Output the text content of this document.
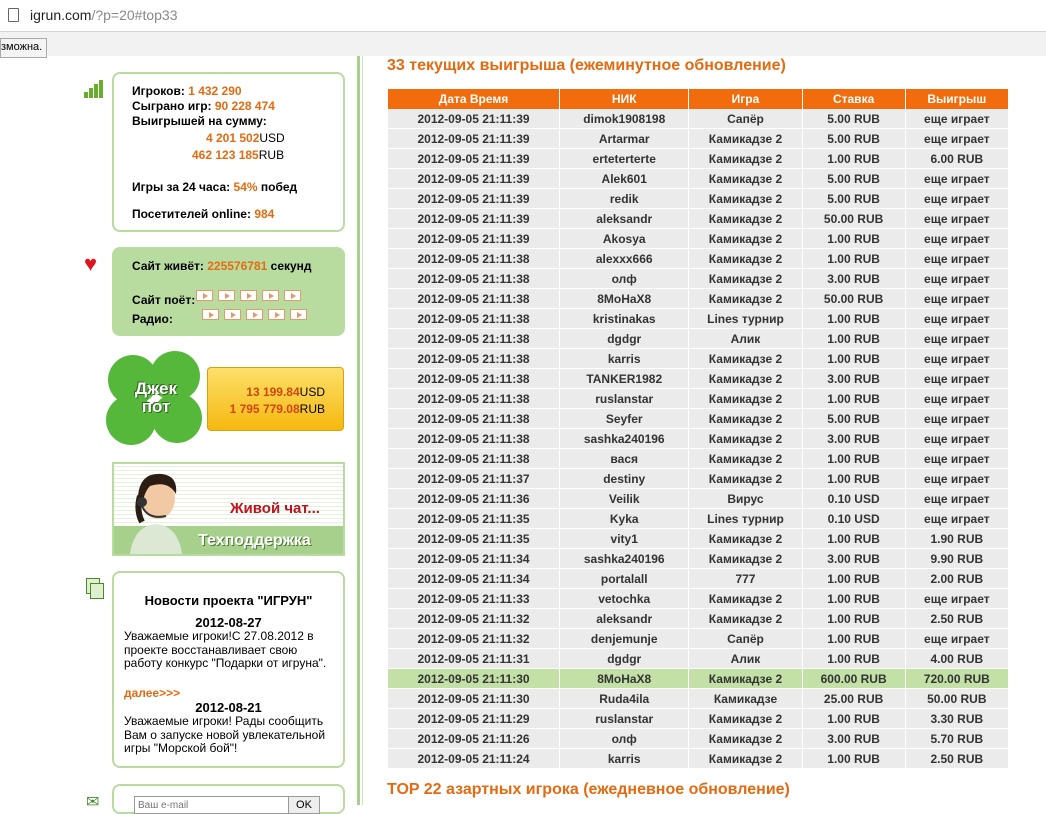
igrun.com/?p=20#top33
зможна.
Игроков: 1 432 290
Сыграно игр: 90 228 474
Выигрышей на сумму:
4 201 502USD
462 123 185RUB
Игры за 24 часа: 54% побед
Посетителей online: 984
♥	Сайт живёт: 225576781 секунд
Сайт поёт:
Радио:
Джек
пот
13 199.84USD
1 795 779.08RUB
Живой чат...
Техподдержка
Новости проекта "ИГРУН"
2012-08-27
Уважаемые игроки!С 27.08.2012 в проекте восстанавливает свою работу конкурс "Подарки от игруна".
далее>>>
2012-08-21
Уважаемые игроки! Рады сообщить Вам о запуске новой увлекательной игры "Морской бой"!
✉
Ваш e-mail	OK
33 текущих выигрыша (ежеминутное обновление)
Дата Время	НИК	Игра	Ставка	Выигрыш
2012-09-05 21:11:39	dimok1908198	Сапёр	5.00 RUB	еще играет
2012-09-05 21:11:39	Artarmar	Камикадзе 2	5.00 RUB	еще играет
2012-09-05 21:11:39	erteterterte	Камикадзе 2	1.00 RUB	6.00 RUB
2012-09-05 21:11:39	Alek601	Камикадзе 2	5.00 RUB	еще играет
2012-09-05 21:11:39	redik	Камикадзе 2	5.00 RUB	еще играет
2012-09-05 21:11:39	aleksandr	Камикадзе 2	50.00 RUB	еще играет
2012-09-05 21:11:39	Akosya	Камикадзе 2	1.00 RUB	еще играет
2012-09-05 21:11:38	alexxx666	Камикадзе 2	1.00 RUB	еще играет
2012-09-05 21:11:38	олф	Камикадзе 2	3.00 RUB	еще играет
2012-09-05 21:11:38	8MoHaX8	Камикадзе 2	50.00 RUB	еще играет
2012-09-05 21:11:38	kristinakas	Lines турнир	1.00 RUB	еще играет
2012-09-05 21:11:38	dgdgr	Алик	1.00 RUB	еще играет
2012-09-05 21:11:38	karris	Камикадзе 2	1.00 RUB	еще играет
2012-09-05 21:11:38	TANKER1982	Камикадзе 2	3.00 RUB	еще играет
2012-09-05 21:11:38	ruslanstar	Камикадзе 2	1.00 RUB	еще играет
2012-09-05 21:11:38	Seyfer	Камикадзе 2	5.00 RUB	еще играет
2012-09-05 21:11:38	sashka240196	Камикадзе 2	3.00 RUB	еще играет
2012-09-05 21:11:38	вася	Камикадзе 2	1.00 RUB	еще играет
2012-09-05 21:11:37	destiny	Камикадзе 2	1.00 RUB	еще играет
2012-09-05 21:11:36	Veilik	Вирус	0.10 USD	еще играет
2012-09-05 21:11:35	Kyka	Lines турнир	0.10 USD	еще играет
2012-09-05 21:11:35	vity1	Камикадзе 2	1.00 RUB	1.90 RUB
2012-09-05 21:11:34	sashka240196	Камикадзе 2	3.00 RUB	9.90 RUB
2012-09-05 21:11:34	portalall	777	1.00 RUB	2.00 RUB
2012-09-05 21:11:33	vetochka	Камикадзе 2	1.00 RUB	еще играет
2012-09-05 21:11:32	aleksandr	Камикадзе 2	1.00 RUB	2.50 RUB
2012-09-05 21:11:32	denjemunje	Сапёр	1.00 RUB	еще играет
2012-09-05 21:11:31	dgdgr	Алик	1.00 RUB	4.00 RUB
2012-09-05 21:11:30	8MoHaX8	Камикадзе 2	600.00 RUB	720.00 RUB
2012-09-05 21:11:30	Ruda4ila	Камикадзе	25.00 RUB	50.00 RUB
2012-09-05 21:11:29	ruslanstar	Камикадзе 2	1.00 RUB	3.30 RUB
2012-09-05 21:11:26	олф	Камикадзе 2	3.00 RUB	5.70 RUB
2012-09-05 21:11:24	karris	Камикадзе 2	1.00 RUB	2.50 RUB
TOP 22 азартных игрока (ежедневное обновление)
